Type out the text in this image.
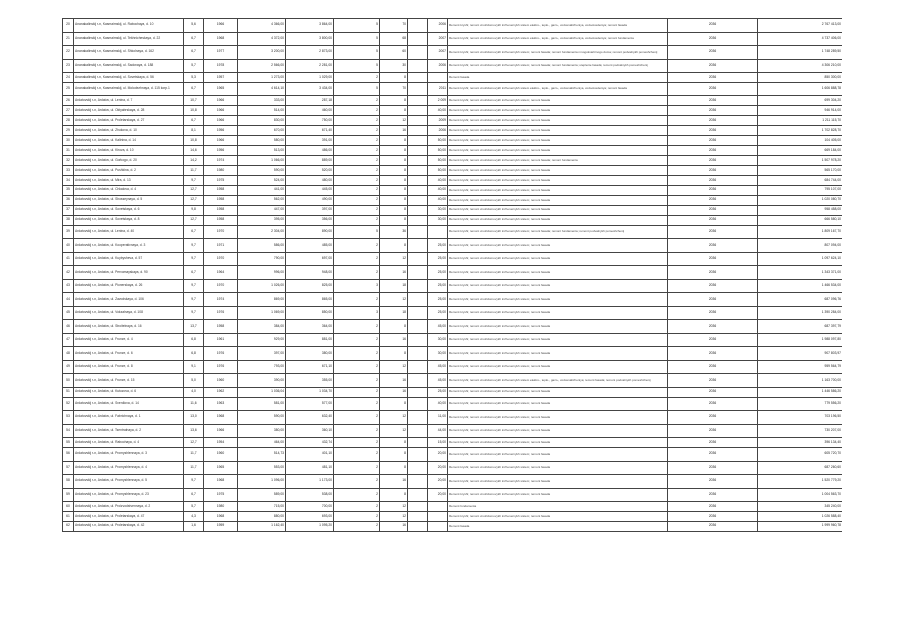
20	Ananakalinskij r-n, Kasmaimskij, ul. Rabochaya, d. 10	5,6	1966	4 366,00	3 864,00	5	70		2006	Remont kryshi; remont vnutridomovykh inzhenernykh sistem elektro-, teplo-, gazo-, vodosnabzheniya, vodootvedeniya; remont fasada	2036	2 767 413,00
21	Ananakalinskij r-n, Kasmaimskij, ul. Tekhnicheskaya, d. 22	6,7	1968	4 372,00	3 800,00	5	68		2007	Remont kryshi; remont vnutridomovykh inzhenernykh sistem elektro-, teplo-, gazo-, vodosnabzheniya, vodootvedeniya; remont fundamenta	2036	4 737 406,00
22	Ananakalinskij r-n, Kasmaimskij, ul. Shkolnaya, d. 162	6,7	1977	3 200,00	2 873,00	5	60		2007	Remont kryshi; remont vnutridomovykh inzhenernykh sistem; remont fasada; remont fundamenta mnogokvartirnogo doma; remont podvalnykh pomeshchenij	2036	1 748 289,50
23	Ananakalinskij r-n, Kasmaimskij, ul. Sadovaya, d. 188	5,7	1978	2 566,00	2 281,00	5	30		2006	Remont kryshi; remont vnutridomovykh inzhenernykh sistem; remont fasada; remont fundamenta; uteplenie fasada; remont podvalnykh pomeshchenij	2036	4 306 210,00
24	Ananakalinskij r-n, Kasmaimskij, ul. Sovetskaya, d. 56	5,3	1957	1 273,00	1 029,00	2	8			Remont fasada	2036	850 300,00
25	Ananakalinskij r-n, Kasmaimskij, ul. Molodezhnaya, d. 115 korp.1	6,7	1965	4 614,10	3 434,00	5	70		2011	Remont kryshi; remont vnutridomovykh inzhenernykh sistem elektro-, teplo-, gazo-, vodosnabzheniya, vodootvedeniya; remont fasada	2036	1 606 888,78
26	Ardatovskij r-n, Ardatov, ul. Lenina, d. 7	10,7	1966	333,00	287,18	2	8		2 009	Remont kryshi; remont vnutridomovykh inzhenernykh sistem; remont fasada	2036	699 304,20
27	Ardatovskij r-n, Ardatov, ul. Oktyabrskaya, d. 28	10,8	1966	514,00	460,00	2	8		40,00	Remont kryshi; remont vnutridomovykh inzhenernykh sistem; remont fasada	2036	946 914,00
28	Ardatovskij r-n, Ardatov, ul. Proletarskaya, d. 27	6,7	1966	830,00	750,00	2	12		2009	Remont kryshi; remont vnutridomovykh inzhenernykh sistem; remont fasada	2036	1 211 115,70
29	Ardatovskij r-n, Ardatov, ul. Zhukova, d. 10	8,1	1956	670,00	671,40	2	16		2006	Remont kryshi; remont vnutridomovykh inzhenernykh sistem; remont fasada	2036	1 702 828,70
30	Ardatovskij r-n, Ardatov, ul. Kalinina, d. 14	10,8	1966	580,00	391,00	2	8		50,00	Remont kryshi; remont vnutridomovykh inzhenernykh sistem; remont fasada	2036	104 405,00
31	Ardatovskij r-n, Ardatov, ul. Kirova, d. 10	14,6	1956	513,00	486,00	2	8		50,00	Remont kryshi; remont vnutridomovykh inzhenernykh sistem; remont fasada	2036	669 184,00
32	Ardatovskij r-n, Ardatov, ul. Gorkogo, d. 20	14,2	1974	1 066,00	889,00	2	8		50,00	Remont kryshi; remont vnutridomovykh inzhenernykh sistem; remont fasada; remont fundamenta	2036	1 507 978,20
33	Ardatovskij r-n, Ardatov, ul. Pushkina, d. 2	11,7	1980	590,00	520,00	2	8		50,00	Remont kryshi; remont vnutridomovykh inzhenernykh sistem; remont fasada	2036	565 170,00
34	Ardatovskij r-n, Ardatov, ul. Mira, d. 13	9,7	1975	524,00	480,00	2	8		40,00	Remont kryshi; remont vnutridomovykh inzhenernykh sistem; remont fasada	2036	684 744,00
35	Ardatovskij r-n, Ardatov, ul. Chkalova, d. 4	12,7	1958	441,00	445,00	2	8		40,00	Remont kryshi; remont vnutridomovykh inzhenernykh sistem; remont fasada	2036	795 107,00
36	Ardatovskij r-n, Ardatov, ul. Shosseynaya, d. 5	12,7	1958	562,00	490,00	2	8		40,00	Remont kryshi; remont vnutridomovykh inzhenernykh sistem; remont fasada	2036	1 020 080,70
37	Ardatovskij r-n, Ardatov, ul. Sovetskaya, d. 6	9,8	1958	447,00	397,00	2	8		30,00	Remont kryshi; remont vnutridomovykh inzhenernykh sistem; remont fasada	2036	958 458,00
38	Ardatovskij r-n, Ardatov, ul. Sovetskaya, d. 8	12,7	1958	395,00	356,00	2	8		30,00	Remont kryshi; remont vnutridomovykh inzhenernykh sistem; remont fasada	2036	666 580,10
39	Ardatovskij r-n, Ardatov, ul. Lenina, d. 40	6,7	1970	2 304,00	890,00	5	36			Remont kryshi; remont vnutridomovykh inzhenernykh sistem; remont fasada; remont fundamenta; remont podvalnykh pomeshchenij	2036	1 809 167,70
40	Ardatovskij r-n, Ardatov, ul. Kooperativnaya, d. 3	9,7	1971	586,00	485,00	2	8		25,00	Remont kryshi; remont vnutridomovykh inzhenernykh sistem; remont fasada	2036	807 094,00
41	Ardatovskij r-n, Ardatov, ul. Kuybysheva, d. 57	9,7	1970	790,00	697,00	2	12		25,00	Remont kryshi; remont vnutridomovykh inzhenernykh sistem; remont fasada	2036	1 097 624,10
42	Ardatovskij r-n, Ardatov, ul. Pervomayskaya, d. 90	6,7	1964	996,00	948,00	2	16		25,00	Remont kryshi; remont vnutridomovykh inzhenernykh sistem; remont fasada	2036	1 343 371,00
43	Ardatovskij r-n, Ardatov, ul. Pionerskaya, d. 26	9,7	1970	1 026,00	825,00	3	18		25,00	Remont kryshi; remont vnutridomovykh inzhenernykh sistem; remont fasada	2036	1 466 534,00
44	Ardatovskij r-n, Ardatov, ul. Zavodskaya, d. 106	9,7	1974	869,00	865,00	2	12		25,00	Remont kryshi; remont vnutridomovykh inzhenernykh sistem; remont fasada	2036	687 096,76
45	Ardatovskij r-n, Ardatov, ul. Vokzalnaya, d. 108	9,7	1976	1 069,00	850,00	3	18		25,00	Remont kryshi; remont vnutridomovykh inzhenernykh sistem; remont fasada	2036	1 390 284,00
46	Ardatovskij r-n, Ardatov, ul. Stroitelnaya, d. 16	13,7	1958	384,00	364,00	2	8		45,00	Remont kryshi; remont vnutridomovykh inzhenernykh sistem; remont fasada	2036	687 397,79
47	Ardatovskij r-n, Ardatov, ul. Frunze, d. 4	6,8	1961	929,00	881,00	2	16		30,00	Remont kryshi; remont vnutridomovykh inzhenernykh sistem; remont fasada	2036	1 988 097,80
48	Ardatovskij r-n, Ardatov, ul. Frunze, d. 6	6,8	1976	397,00	380,00	2	8		30,00	Remont kryshi; remont vnutridomovykh inzhenernykh sistem; remont fasada	2036	907 803,97
49	Ardatovskij r-n, Ardatov, ul. Frunze, d. 8	9,1	1976	793,00	671,10	2	12		45,00	Remont kryshi; remont vnutridomovykh inzhenernykh sistem; remont fasada	2036	959 564,79
50	Ardatovskij r-n, Ardatov, ul. Frunze, d. 15	5,0	1960	390,00	355,00	2	16		45,00	Remont kryshi; remont vnutridomovykh inzhenernykh sistem elektro-, teplo-, gazo-, vodosnabzheniya; remont fasada; remont podvalnykh pomeshchenij	2036	1 163 700,00
51	Ardatovskij r-n, Ardatov, ul. Kutuzova, d. 6	4,0	1962	1 036,04	1 034,70	2	16		25,00	Remont kryshi; remont vnutridomovykh inzhenernykh sistem; remont fasada	2036	1 446 586,20
52	Ardatovskij r-n, Ardatov, ul. Sverdlova, d. 14	11,6	1963	581,00	577,00	2	8		40,00	Remont kryshi; remont vnutridomovykh inzhenernykh sistem; remont fasada	2036	779 556,20
53	Ardatovskij r-n, Ardatov, ul. Fabrichnaya, d. 1	13,0	1968	590,00	632,40	2	12		11,00	Remont kryshi; remont vnutridomovykh inzhenernykh sistem; remont fasada	2036	703 196,50
54	Ardatovskij r-n, Ardatov, ul. Tsentralnaya, d. 2	13,6	1966	380,00	360,10	2	12		44,00	Remont kryshi; remont vnutridomovykh inzhenernykh sistem; remont fasada	2036	730 207,00
55	Ardatovskij r-n, Ardatov, ul. Rabochaya, d. 4	12,7	1954	464,00	432,74	2	8		15,00	Remont kryshi; remont vnutridomovykh inzhenernykh sistem; remont fasada	2036	396 134,40
56	Ardatovskij r-n, Ardatov, ul. Promyshlennaya, d. 3	11,7	1960	514,73	401,10	2	8		20,00	Remont kryshi; remont vnutridomovykh inzhenernykh sistem; remont fasada	2036	605 720,70
57	Ardatovskij r-n, Ardatov, ul. Promyshlennaya, d. 4	11,7	1965	553,00	481,10	2	8		20,00	Remont kryshi; remont vnutridomovykh inzhenernykh sistem; remont fasada	2036	687 260,60
58	Ardatovskij r-n, Ardatov, ul. Promyshlennaya, d. 5	9,7	1968	1 096,00	1 173,00	2	16		20,00	Remont kryshi; remont vnutridomovykh inzhenernykh sistem; remont fasada	2036	1 520 779,20
59	Ardatovskij r-n, Ardatov, ul. Promyshlennaya, d. 23	6,7	1975	589,00	538,00	2	8		20,00	Remont kryshi; remont vnutridomovykh inzhenernykh sistem; remont fasada	2036	1 004 563,70
60	Ardatovskij r-n, Ardatov, ul. Proizvodstvennaya, d. 2	5,7	1980	715,00	700,00	2	12			Remont fundamenta	2036	345 240,00
61	Ardatovskij r-n, Ardatov, ul. Proletarskaya, d. 47	4,3	1968	880,00	693,00	2	12			Remont kryshi; remont vnutridomovykh inzhenernykh sistem; remont fasada	2036	1 026 588,40
62	Ardatovskij r-n, Ardatov, ul. Proletarskaya, d. 42	1,6	1959	1 162,40	1 095,20	2	16			Remont fasada	2036	1 999 960,78
